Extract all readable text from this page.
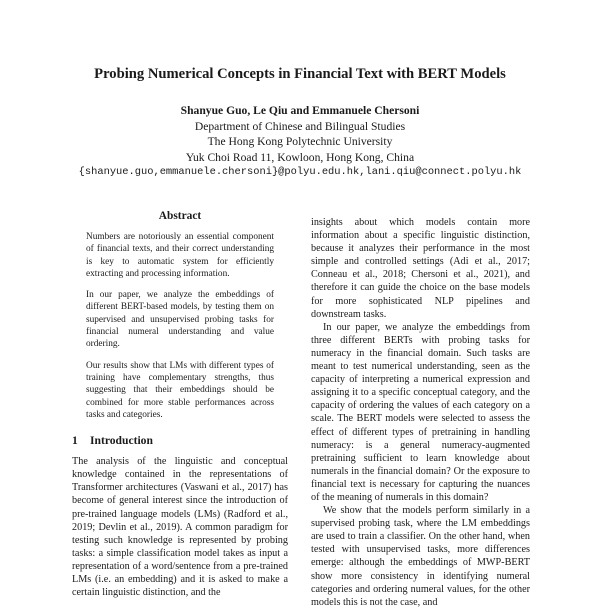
Probing Numerical Concepts in Financial Text with BERT Models
Shanyue Guo, Le Qiu and Emmanuele Chersoni
Department of Chinese and Bilingual Studies
The Hong Kong Polytechnic University
Yuk Choi Road 11, Kowloon, Hong Kong, China
{shanyue.guo,emmanuele.chersoni}@polyu.edu.hk,lani.qiu@connect.polyu.hk
Abstract

Numbers are notoriously an essential component of financial texts, and their correct understanding is key to automatic system for efficiently extracting and processing information.

In our paper, we analyze the embeddings of different BERT-based models, by testing them on supervised and unsupervised probing tasks for financial numeral understanding and value ordering.

Our results show that LMs with different types of training have complementary strengths, thus suggesting that their embeddings should be combined for more stable performances across tasks and categories.

1 Introduction

The analysis of the linguistic and conceptual knowledge contained in the representations of Transformer architectures (Vaswani et al., 2017) has become of general interest since the introduction of pre-trained language models (LMs) (Radford et al., 2019; Devlin et al., 2019). A common paradigm for testing such knowledge is represented by probing tasks: a simple classification model takes as input a representation of a word/sentence from a pre-trained LMs (i.e. an embedding) and it is asked to make a certain linguistic distinction, and the

insights about which models contain more information about a specific linguistic distinction, because it analyzes their performance in the most simple and controlled settings (Adi et al., 2017; Conneau et al., 2018; Chersoni et al., 2021), and therefore it can guide the choice on the base models for more sophisticated NLP pipelines and downstream tasks.

In our paper, we analyze the embeddings from three different BERTs with probing tasks for numeracy in the financial domain. Such tasks are meant to test numerical understanding, seen as the capacity of interpreting a numerical expression and assigning it to a specific conceptual category, and the capacity of ordering the values of each category on a scale. The BERT models were selected to assess the effect of different types of pretraining in handling numeracy: is a general numeracy-augmented pretraining sufficient to learn knowledge about numerals in the financial domain? Or the exposure to financial text is necessary for capturing the nuances of the meaning of numerals in this domain?

We show that the models perform similarly in a supervised probing task, where the LM embeddings are used to train a classifier. On the other hand, when tested with unsupervised tasks, more differences emerge: although the embeddings of MWP-BERT show more consistency in identifying numeral categories and ordering numeral values, for the other models this is not the case, and
